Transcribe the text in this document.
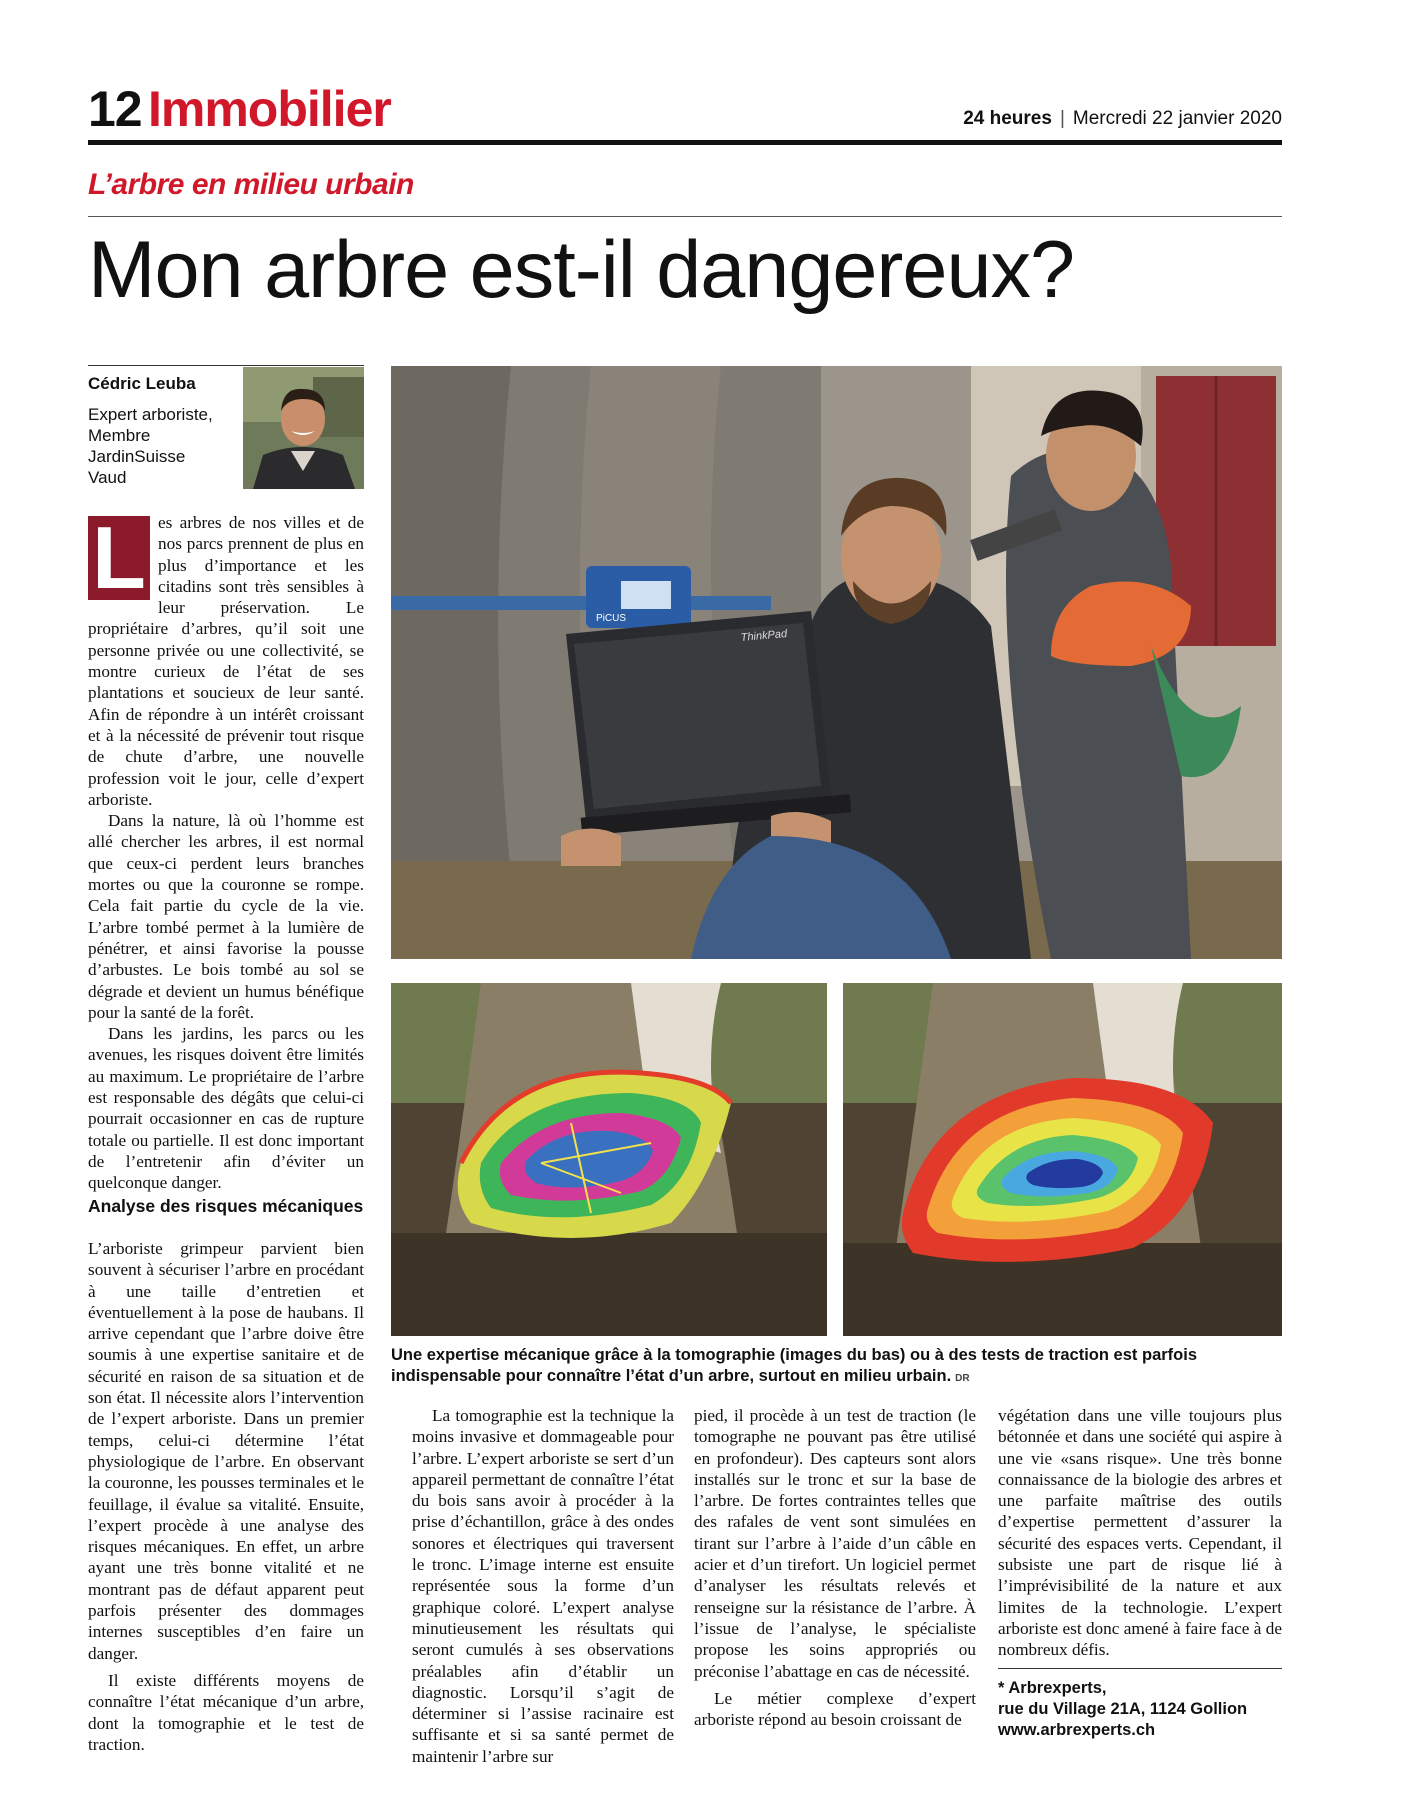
12 Immobilier	24 heures | Mercredi 22 janvier 2020
L’arbre en milieu urbain
Mon arbre est-il dangereux?
Cédric Leuba
Expert arboriste,
Membre
JardinSuisse
Vaud

L es arbres de nos villes et de nos parcs prennent de plus en plus d’importance et les citadins sont très sensibles à leur préservation. Le propriétaire d’arbres, qu’il soit une personne privée ou une collectivité, se montre curieux de l’état de ses plantations et soucieux de leur santé. Afin de répondre à un intérêt croissant et à la nécessité de prévenir tout risque de chute d’arbre, une nouvelle profession voit le jour, celle d’expert arboriste.

Dans la nature, là où l’homme est allé chercher les arbres, il est normal que ceux-ci perdent leurs branches mortes ou que la couronne se rompe. Cela fait partie du cycle de la vie. L’arbre tombé permet à la lumière de pénétrer, et ainsi favorise la pousse d’arbustes. Le bois tombé au sol se dégrade et devient un humus bénéfique pour la santé de la forêt.

Dans les jardins, les parcs ou les avenues, les risques doivent être limités au maximum. Le propriétaire de l’arbre est responsable des dégâts que celui-ci pourrait occasionner en cas de rupture totale ou partielle. Il est donc important de l’entretenir afin d’éviter un quelconque danger.

Analyse des risques mécaniques

L’arboriste grimpeur parvient bien souvent à sécuriser l’arbre en procédant à une taille d’entretien et éventuellement à la pose de haubans. Il arrive cependant que l’arbre doive être soumis à une expertise sanitaire et de sécurité en raison de sa situation et de son état. Il nécessite alors l’intervention de l’expert arboriste. Dans un premier temps, celui-ci détermine l’état physiologique de l’arbre. En observant la couronne, les pousses terminales et le feuillage, il évalue sa vitalité. Ensuite, l’expert procède à une analyse des risques mécaniques. En effet, un arbre ayant une très bonne vitalité et ne montrant pas de défaut apparent peut parfois présenter des dommages internes susceptibles d’en faire un danger.

Il existe différents moyens de connaître l’état mécanique d’un arbre, dont la tomographie et le test de traction.

PiCUS
ThinkPad
Une expertise mécanique grâce à la tomographie (images du bas) ou à des tests de traction est parfois indispensable pour connaître l’état d’un arbre, surtout en milieu urbain. DR

La tomographie est la technique la moins invasive et dommageable pour l’arbre. L’expert arboriste se sert d’un appareil permettant de connaître l’état du bois sans avoir à procéder à la prise d’échantillon, grâce à des ondes sonores et électriques qui traversent le tronc. L’image interne est ensuite représentée sous la forme d’un graphique coloré. L’expert analyse minutieusement les résultats qui seront cumulés à ses observations préalables afin d’établir un diagnostic. Lorsqu’il s’agit de déterminer si l’assise racinaire est suffisante et si sa santé permet de maintenir l’arbre sur

pied, il procède à un test de traction (le tomographe ne pouvant pas être utilisé en profondeur). Des capteurs sont alors installés sur le tronc et sur la base de l’arbre. De fortes contraintes telles que des rafales de vent sont simulées en tirant sur l’arbre à l’aide d’un câble en acier et d’un tirefort. Un logiciel permet d’analyser les résultats relevés et renseigne sur la résistance de l’arbre. À l’issue de l’analyse, le spécialiste propose les soins appropriés ou préconise l’abattage en cas de nécessité.

Le métier complexe d’expert arboriste répond au besoin croissant de

végétation dans une ville toujours plus bétonnée et dans une société qui aspire à une vie «sans risque». Une très bonne connaissance de la biologie des arbres et une parfaite maîtrise des outils d’expertise permettent d’assurer la sécurité des espaces verts. Cependant, il subsiste une part de risque lié à l’imprévisibilité de la nature et aux limites de la technologie. L’expert arboriste est donc amené à faire face à de nombreux défis.

* Arbrexperts,
rue du Village 21A, 1124 Gollion
www.arbrexperts.ch
